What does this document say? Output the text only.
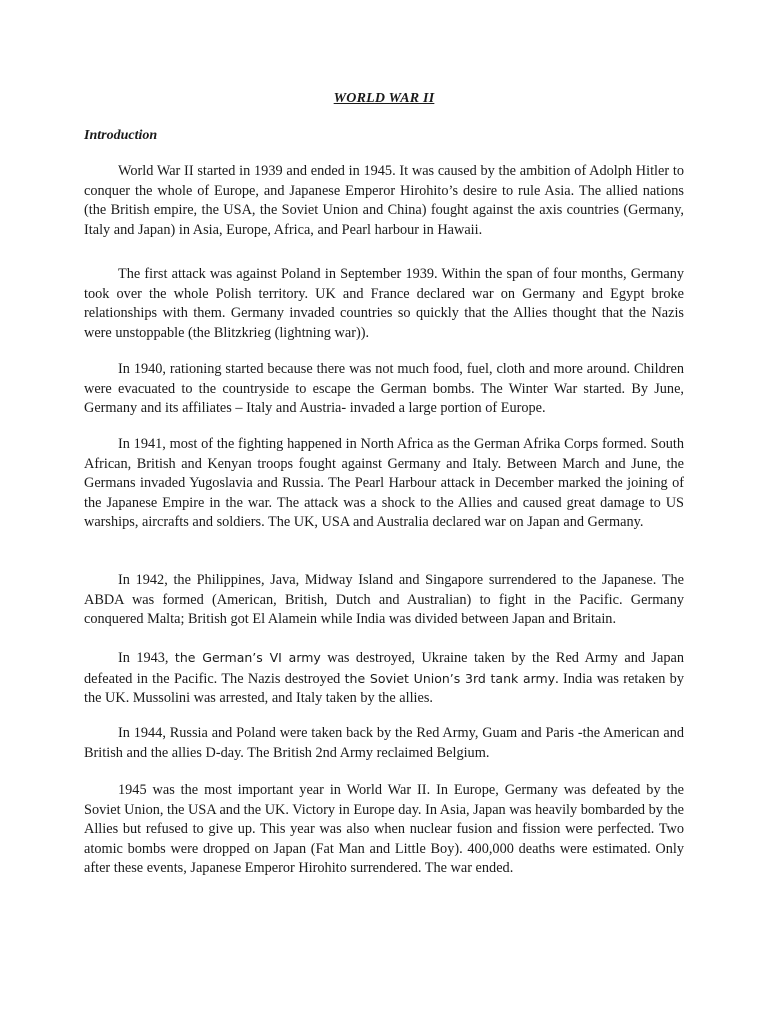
WORLD WAR II
Introduction

World War II started in 1939 and ended in 1945. It was caused by the ambition of Adolph Hitler to conquer the whole of Europe, and Japanese Emperor Hirohito’s desire to rule Asia. The allied nations (the British empire, the USA, the Soviet Union and China) fought against the axis countries (Germany, Italy and Japan) in Asia, Europe, Africa, and Pearl harbour in Hawaii.

The first attack was against Poland in September 1939. Within the span of four months, Germany took over the whole Polish territory. UK and France declared war on Germany and Egypt broke relationships with them. Germany invaded countries so quickly that the Allies thought that the Nazis were unstoppable (the Blitzkrieg (lightning war)).

In 1940, rationing started because there was not much food, fuel, cloth and more around. Children were evacuated to the countryside to escape the German bombs. The Winter War started. By June, Germany and its affiliates – Italy and Austria- invaded a large portion of Europe.

In 1941, most of the fighting happened in North Africa as the German Afrika Corps formed. South African, British and Kenyan troops fought against Germany and Italy. Between March and June, the Germans invaded Yugoslavia and Russia. The Pearl Harbour attack in December marked the joining of the Japanese Empire in the war. The attack was a shock to the Allies and caused great damage to US warships, aircrafts and soldiers. The UK, USA and Australia declared war on Japan and Germany.

In 1942, the Philippines, Java, Midway Island and Singapore surrendered to the Japanese. The ABDA was formed (American, British, Dutch and Australian) to fight in the Pacific. Germany conquered Malta; British got El Alamein while India was divided between Japan and Britain.

In 1943, the German’s VI army was destroyed, Ukraine taken by the Red Army and Japan defeated in the Pacific. The Nazis destroyed the Soviet Union’s 3rd tank army. India was retaken by the UK. Mussolini was arrested, and Italy taken by the allies.

In 1944, Russia and Poland were taken back by the Red Army, Guam and Paris -the American and British and the allies D-day. The British 2nd Army reclaimed Belgium.

1945 was the most important year in World War II. In Europe, Germany was defeated by the Soviet Union, the USA and the UK. Victory in Europe day. In Asia, Japan was heavily bombarded by the Allies but refused to give up. This year was also when nuclear fusion and fission were perfected. Two atomic bombs were dropped on Japan (Fat Man and Little Boy). 400,000 deaths were estimated. Only after these events, Japanese Emperor Hirohito surrendered. The war ended.
